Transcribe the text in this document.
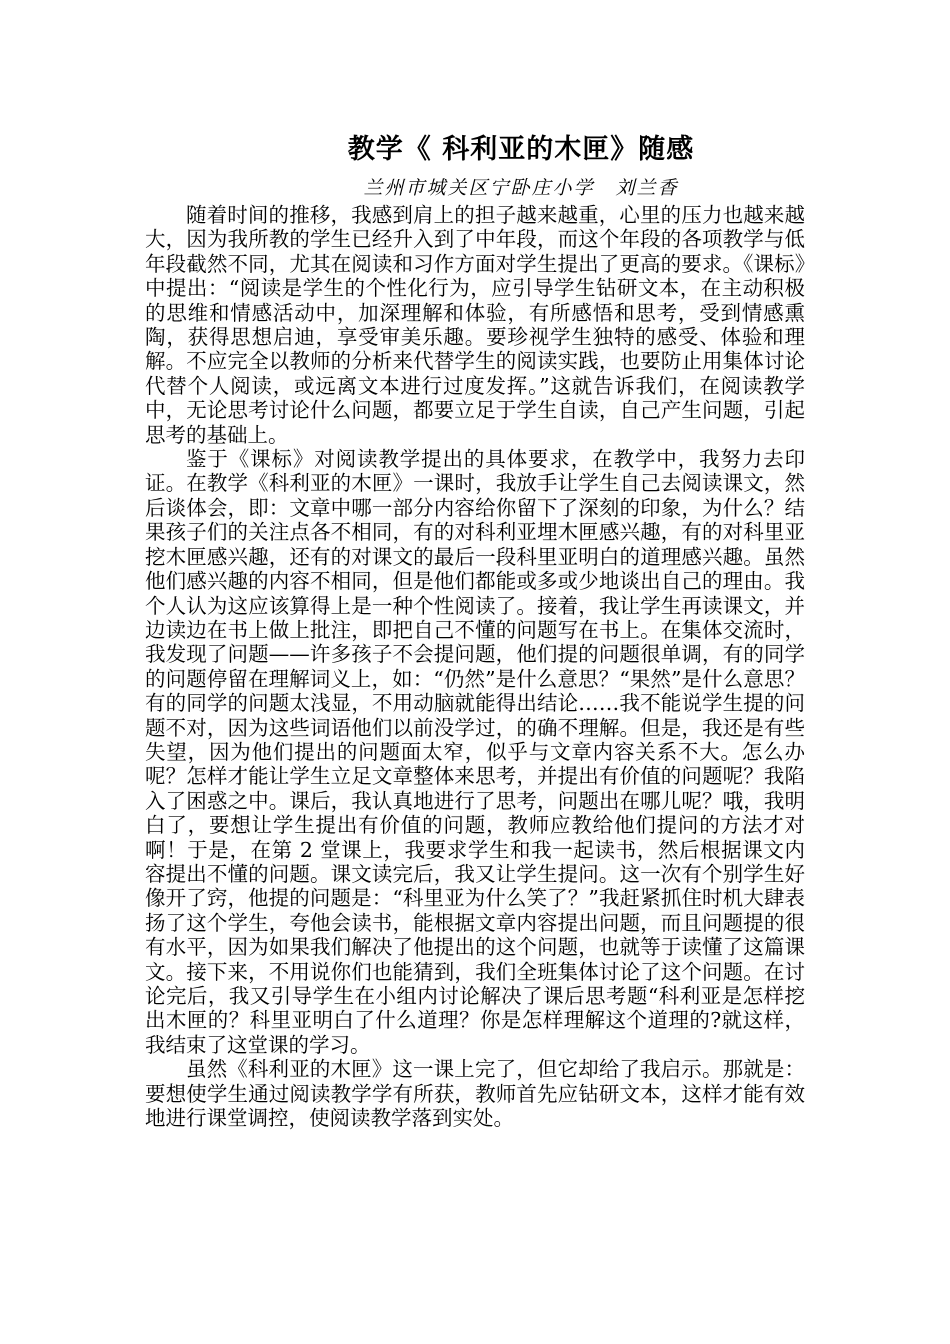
教学《 科利亚的木匣》随感
兰州市城关区宁卧庄小学　刘兰香

随着时间的推移，我感到肩上的担子越来越重，心里的压力也越来越大，因为我所教的学生已经升入到了中年段，而这个年段的各项教学与低年段截然不同，尤其在阅读和习作方面对学生提出了更高的要求。《课标》中提出：“阅读是学生的个性化行为，应引导学生钻研文本，在主动积极的思维和情感活动中，加深理解和体验，有所感悟和思考，受到情感熏陶，获得思想启迪，享受审美乐趣。要珍视学生独特的感受、体验和理解。不应完全以教师的分析来代替学生的阅读实践，也要防止用集体讨论代替个人阅读，或远离文本进行过度发挥。”这就告诉我们，在阅读教学中，无论思考讨论什么问题，都要立足于学生自读，自己产生问题，引起思考的基础上。

鉴于《课标》对阅读教学提出的具体要求，在教学中，我努力去印证。在教学《科利亚的木匣》一课时，我放手让学生自己去阅读课文，然后谈体会，即：文章中哪一部分内容给你留下了深刻的印象，为什么？结果孩子们的关注点各不相同，有的对科利亚埋木匣感兴趣，有的对科里亚挖木匣感兴趣，还有的对课文的最后一段科里亚明白的道理感兴趣。虽然他们感兴趣的内容不相同，但是他们都能或多或少地谈出自己的理由。我个人认为这应该算得上是一种个性阅读了。接着，我让学生再读课文，并边读边在书上做上批注，即把自己不懂的问题写在书上。在集体交流时，我发现了问题——许多孩子不会提问题，他们提的问题很单调，有的同学的问题停留在理解词义上，如：“仍然”是什么意思？“果然”是什么意思？有的同学的问题太浅显，不用动脑就能得出结论……我不能说学生提的问题不对，因为这些词语他们以前没学过，的确不理解。但是，我还是有些失望，因为他们提出的问题面太窄，似乎与文章内容关系不大。怎么办呢？怎样才能让学生立足文章整体来思考，并提出有价值的问题呢？我陷入了困惑之中。课后，我认真地进行了思考，问题出在哪儿呢？哦，我明白了，要想让学生提出有价值的问题，教师应教给他们提问的方法才对啊！于是，在第 2 堂课上，我要求学生和我一起读书，然后根据课文内容提出不懂的问题。课文读完后，我又让学生提问。这一次有个别学生好像开了窍，他提的问题是：“科里亚为什么笑了？”我赶紧抓住时机大肆表扬了这个学生，夸他会读书，能根据文章内容提出问题，而且问题提的很有水平，因为如果我们解决了他提出的这个问题，也就等于读懂了这篇课文。接下来，不用说你们也能猜到，我们全班集体讨论了这个问题。在讨论完后，我又引导学生在小组内讨论解决了课后思考题“科利亚是怎样挖出木匣的？科里亚明白了什么道理？你是怎样理解这个道理的?就这样，我结束了这堂课的学习。

虽然《科利亚的木匣》这一课上完了，但它却给了我启示。那就是：要想使学生通过阅读教学学有所获，教师首先应钻研文本，这样才能有效地进行课堂调控，使阅读教学落到实处。
